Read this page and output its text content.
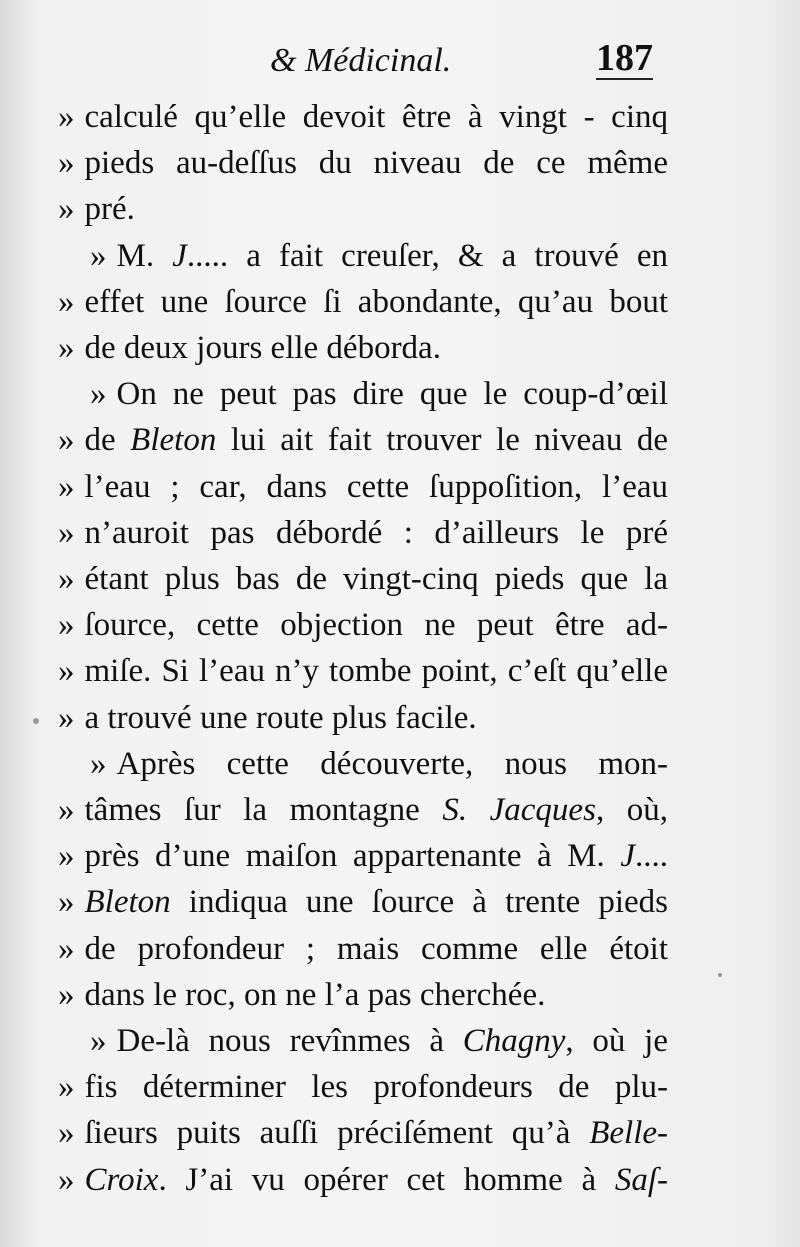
& Médicinal.	187
» calculé qu’elle devoit être à vingt - cinq
» pieds au-deſſus du niveau de ce même
» pré.
» M. J..... a fait creuſer, & a trouvé en
» effet une ſource ſi abondante, qu’au bout
» de deux jours elle déborda.
» On ne peut pas dire que le coup-d’œil
» de Bleton lui ait fait trouver le niveau de
» l’eau ; car, dans cette ſuppoſition, l’eau
» n’auroit pas débordé : d’ailleurs le pré
» étant plus bas de vingt-cinq pieds que la
» ſource, cette objection ne peut être ad-
» miſe. Si l’eau n’y tombe point, c’eſt qu’elle
» a trouvé une route plus facile.
» Après cette découverte, nous mon-
» tâmes ſur la montagne S. Jacques, où,
» près d’une maiſon appartenante à M. J....
» Bleton indiqua une ſource à trente pieds
» de profondeur ; mais comme elle étoit
» dans le roc, on ne l’a pas cherchée.
» De-là nous revînmes à Chagny, où je
» fis déterminer les profondeurs de plu-
» ſieurs puits auſſi préciſément qu’à Belle-
» Croix. J’ai vu opérer cet homme à Saſ-
